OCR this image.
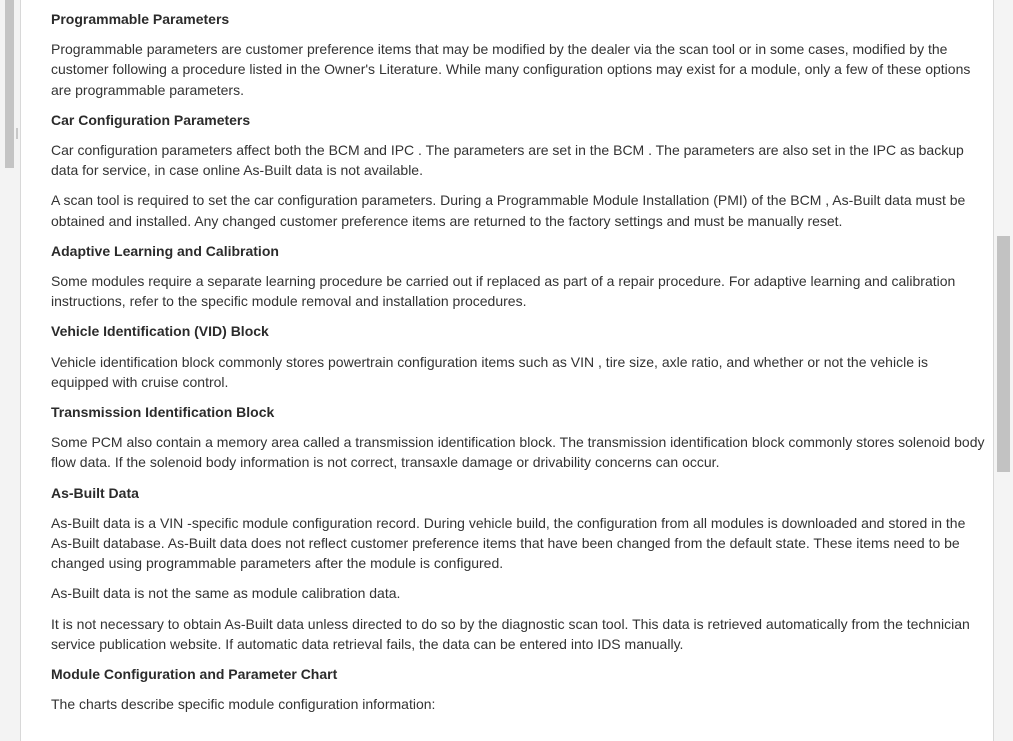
Programmable Parameters

Programmable parameters are customer preference items that may be modified by the dealer via the scan tool or in some cases, modified by the customer following a procedure listed in the Owner's Literature. While many configuration options may exist for a module, only a few of these options are programmable parameters.

Car Configuration Parameters

Car configuration parameters affect both the BCM and IPC . The parameters are set in the BCM . The parameters are also set in the IPC as backup data for service, in case online As-Built data is not available.

A scan tool is required to set the car configuration parameters. During a Programmable Module Installation (PMI) of the BCM , As-Built data must be obtained and installed. Any changed customer preference items are returned to the factory settings and must be manually reset.

Adaptive Learning and Calibration

Some modules require a separate learning procedure be carried out if replaced as part of a repair procedure. For adaptive learning and calibration instructions, refer to the specific module removal and installation procedures.

Vehicle Identification (VID) Block

Vehicle identification block commonly stores powertrain configuration items such as VIN , tire size, axle ratio, and whether or not the vehicle is equipped with cruise control.

Transmission Identification Block

Some PCM also contain a memory area called a transmission identification block. The transmission identification block commonly stores solenoid body flow data. If the solenoid body information is not correct, transaxle damage or drivability concerns can occur.

As-Built Data

As-Built data is a VIN -specific module configuration record. During vehicle build, the configuration from all modules is downloaded and stored in the As-Built database. As-Built data does not reflect customer preference items that have been changed from the default state. These items need to be changed using programmable parameters after the module is configured.

As-Built data is not the same as module calibration data.

It is not necessary to obtain As-Built data unless directed to do so by the diagnostic scan tool. This data is retrieved automatically from the technician service publication website. If automatic data retrieval fails, the data can be entered into IDS manually.

Module Configuration and Parameter Chart

The charts describe specific module configuration information:
